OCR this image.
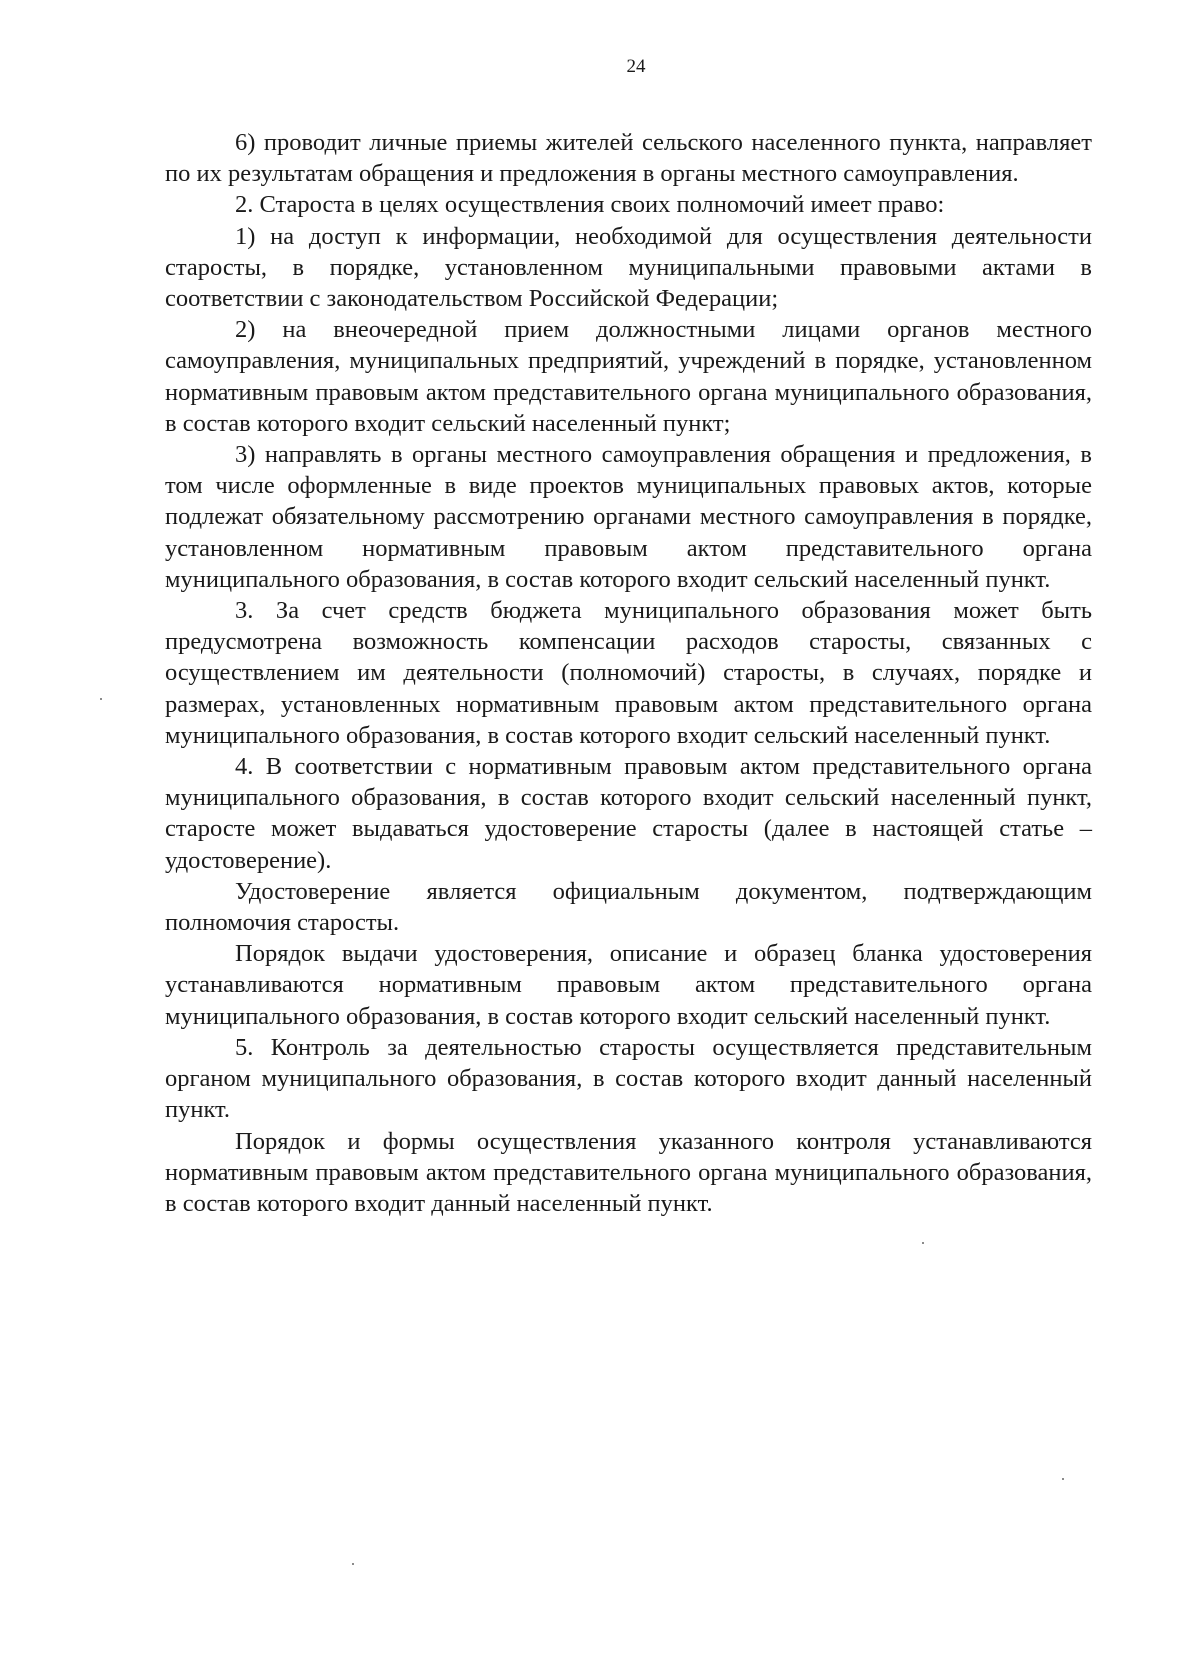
24

6) проводит личные приемы жителей сельского населенного пункта, направляет по их результатам обращения и предложения в органы местного самоуправления.

2. Староста в целях осуществления своих полномочий имеет право:

1) на доступ к информации, необходимой для осуществления деятельности старосты, в порядке, установленном муниципальными правовыми актами в соответствии с законодательством Российской Федерации;

2) на внеочередной прием должностными лицами органов местного самоуправления, муниципальных предприятий, учреждений в порядке, установленном нормативным правовым актом представительного органа муниципального образования, в состав которого входит сельский населенный пункт;

3) направлять в органы местного самоуправления обращения и предложения, в том числе оформленные в виде проектов муниципальных правовых актов, которые подлежат обязательному рассмотрению органами местного самоуправления в порядке, установленном нормативным правовым актом представительного органа муниципального образования, в состав которого входит сельский населенный пункт.

3. За счет средств бюджета муниципального образования может быть предусмотрена возможность компенсации расходов старосты, связанных с осуществлением им деятельности (полномочий) старосты, в случаях, порядке и размерах, установленных нормативным правовым актом представительного органа муниципального образования, в состав которого входит сельский населенный пункт.

4. В соответствии с нормативным правовым актом представительного органа муниципального образования, в состав которого входит сельский населенный пункт, старосте может выдаваться удостоверение старосты (далее в настоящей статье – удостоверение).

Удостоверение является официальным документом, подтверждающим полномочия старосты.

Порядок выдачи удостоверения, описание и образец бланка удостоверения устанавливаются нормативным правовым актом представительного органа муниципального образования, в состав которого входит сельский населенный пункт.

5. Контроль за деятельностью старосты осуществляется представительным органом муниципального образования, в состав которого входит данный населенный пункт.

Порядок и формы осуществления указанного контроля устанавливаются нормативным правовым актом представительного органа муниципального образования, в состав которого входит данный населенный пункт.
